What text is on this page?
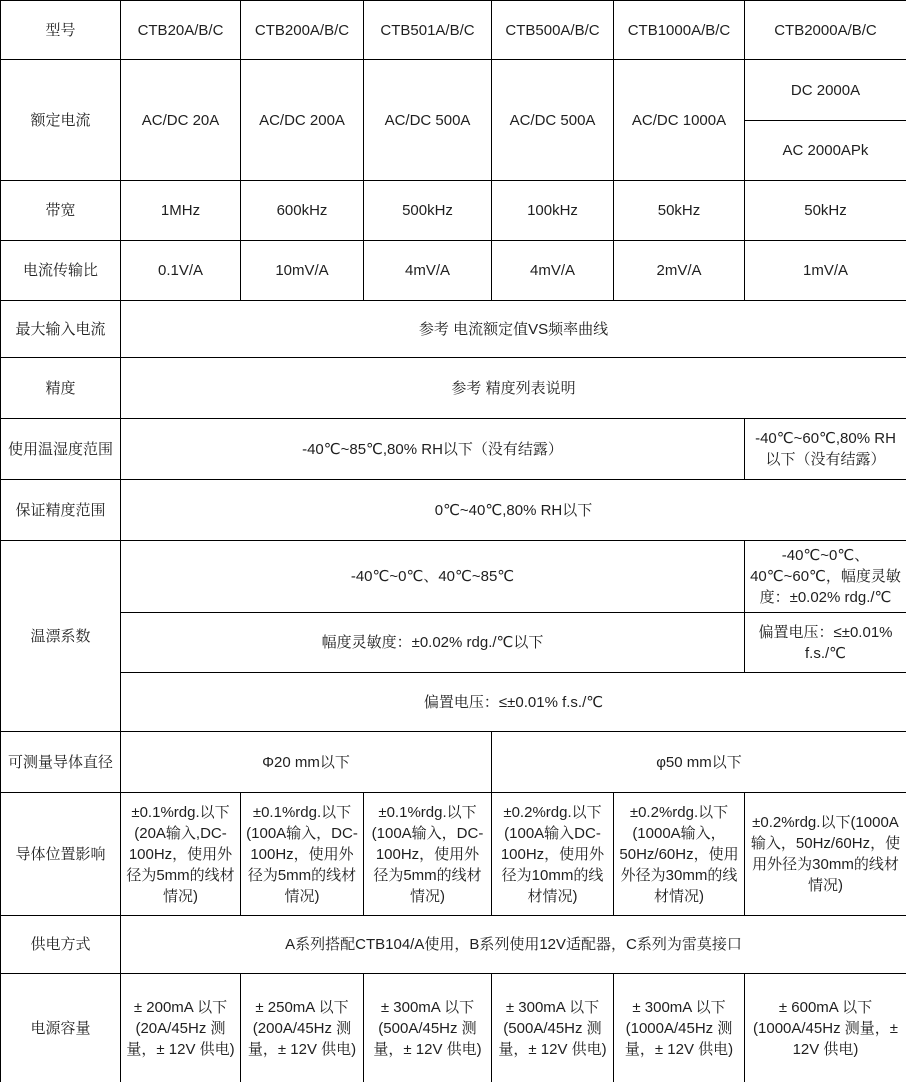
型号	CTB20A/B/C	CTB200A/B/C	CTB501A/B/C	CTB500A/B/C	CTB1000A/B/C	CTB2000A/B/C
额定电流	AC/DC 20A	AC/DC 200A	AC/DC 500A	AC/DC 500A	AC/DC 1000A	DC 2000A
						AC 2000APk
带宽	1MHz	600kHz	500kHz	100kHz	50kHz	50kHz
电流传输比	0.1V/A	10mV/A	4mV/A	4mV/A	2mV/A	1mV/A
最大输入电流	参考 电流额定值VS频率曲线					
精度	参考 精度列表说明					
使用温湿度范围	-40℃~85℃,80% RH以下（没有结露）					-40℃~60℃,80% RH以下（没有结露）
保证精度范围	0℃~40℃,80% RH以下					
温漂系数	-40℃~0℃、40℃~85℃					-40℃~0℃、40℃~60℃，幅度灵敏度：±0.02% rdg./℃
	幅度灵敏度：±0.02% rdg./℃以下					偏置电压：≤±0.01% f.s./℃
	偏置电压：≤±0.01% f.s./℃					
可测量导体直径	Φ20 mm以下			φ50 mm以下		
导体位置影响	±0.1%rdg.以下(20A输入,DC-100Hz，使用外径为5mm的线材情况)	±0.1%rdg.以下(100A输入，DC-100Hz，使用外径为5mm的线材情况)	±0.1%rdg.以下(100A输入，DC-100Hz，使用外径为5mm的线材情况)	±0.2%rdg.以下(100A输入DC-100Hz，使用外径为10mm的线材情况)	±0.2%rdg.以下(1000A输入，50Hz/60Hz，使用外径为30mm的线材情况)	±0.2%rdg.以下(1000A输入，50Hz/60Hz，使用外径为30mm的线材情况)
供电方式	A系列搭配CTB104/A使用，B系列使用12V适配器，C系列为雷莫接口					
电源容量	± 200mA 以下(20A/45Hz 测量，± 12V 供电)	± 250mA 以下(200A/45Hz 测量，± 12V 供电)	± 300mA 以下(500A/45Hz 测量，± 12V 供电)	± 300mA 以下(500A/45Hz 测量，± 12V 供电)	± 300mA 以下(1000A/45Hz 测量，± 12V 供电)	± 600mA 以下(1000A/45Hz 测量，± 12V 供电)
